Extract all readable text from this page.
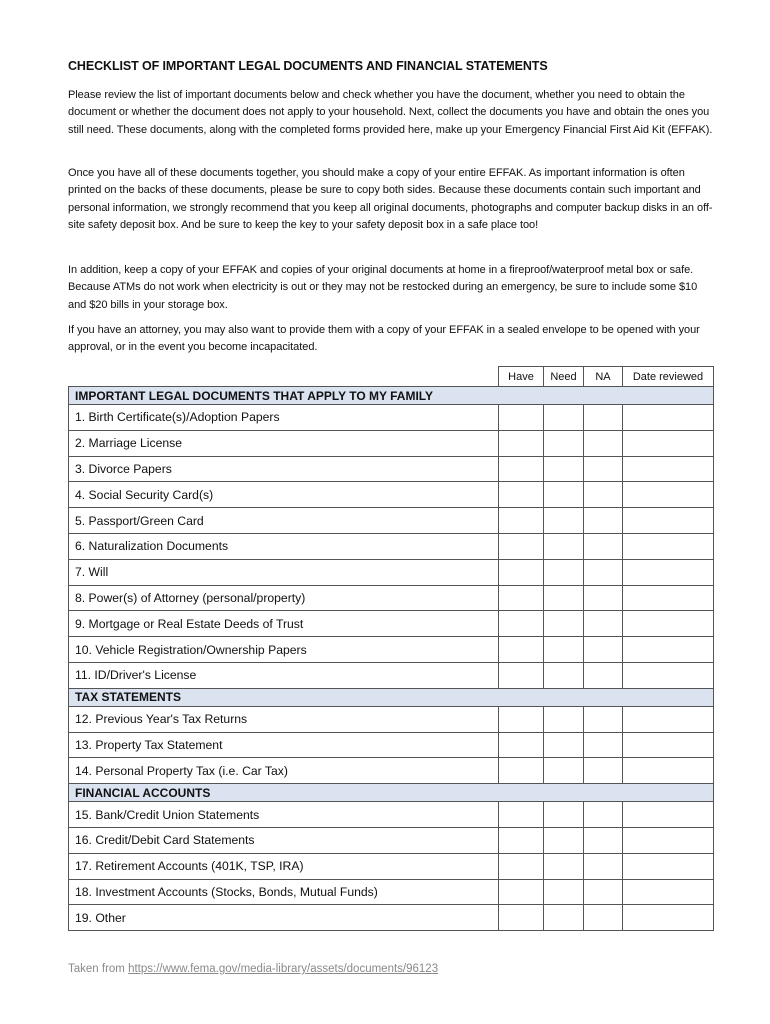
CHECKLIST OF IMPORTANT LEGAL DOCUMENTS AND FINANCIAL STATEMENTS
Please review the list of important documents below and check whether you have the document, whether you need to obtain the document or whether the document does not apply to your household. Next, collect the documents you have and obtain the ones you still need. These documents, along with the completed forms provided here, make up your Emergency Financial First Aid Kit (EFFAK).
Once you have all of these documents together, you should make a copy of your entire EFFAK. As important information is often printed on the backs of these documents, please be sure to copy both sides. Because these documents contain such important and personal information, we strongly recommend that you keep all original documents, photographs and computer backup disks in an off-site safety deposit box. And be sure to keep the key to your safety deposit box in a safe place too!
In addition, keep a copy of your EFFAK and copies of your original documents at home in a fireproof/waterproof metal box or safe. Because ATMs do not work when electricity is out or they may not be restocked during an emergency, be sure to include some $10 and $20 bills in your storage box.
If you have an attorney, you may also want to provide them with a copy of your EFFAK in a sealed envelope to be opened with your approval, or in the event you become incapacitated.
	Have	Need	NA	Date reviewed
IMPORTANT LEGAL DOCUMENTS THAT APPLY TO MY FAMILY				
1. Birth Certificate(s)/Adoption Papers				
2. Marriage License				
3. Divorce Papers				
4. Social Security Card(s)				
5. Passport/Green Card				
6. Naturalization Documents				
7. Will				
8. Power(s) of Attorney (personal/property)				
9. Mortgage or Real Estate Deeds of Trust				
10. Vehicle Registration/Ownership Papers				
11. ID/Driver's License				
TAX STATEMENTS				
12. Previous Year's Tax Returns				
13. Property Tax Statement				
14. Personal Property Tax (i.e. Car Tax)				
FINANCIAL ACCOUNTS				
15. Bank/Credit Union Statements				
16. Credit/Debit Card Statements				
17. Retirement Accounts (401K, TSP, IRA)				
18. Investment Accounts (Stocks, Bonds, Mutual Funds)				
19. Other				
Taken from https://www.fema.gov/media-library/assets/documents/96123
